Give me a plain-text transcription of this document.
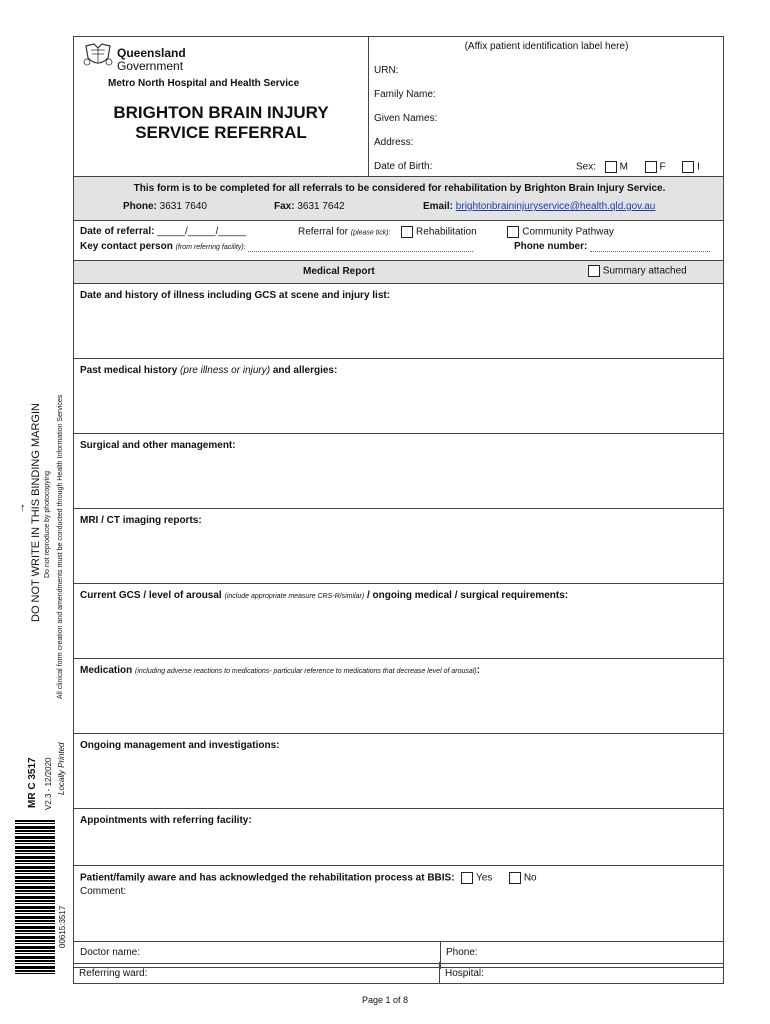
DO NOT WRITE IN THIS BINDING MARGIN
↑	Do not reproduce by photocopying All clinical form creation and amendments must be conducted through Health Information Services
MR C 3517 V2.3 - 12/2020 Locally Printed
00615:3517
Queensland
Government
Metro North Hospital and Health Service
BRIGHTON BRAIN INJURY
SERVICE REFERRAL
(Affix patient identification label here)
URN:
Family Name:
Given Names:
Address:
Date of Birth:	Sex: M	F	I
This form is to be completed for all referrals to be considered for rehabilitation by Brighton Brain Injury Service.
Phone: 3631 7640	Fax: 3631 7642	Email: brightonbraininjuryservice@health.qld.gov.au
Date of referral: _____/_____/_____	Referral for (please tick):	Rehabilitation	Community Pathway
Key contact person (from referring facility):	Phone number:
Medical Report	Summary attached
Date and history of illness including GCS at scene and injury list:
Past medical history (pre illness or injury) and allergies:
Surgical and other management:
MRI / CT imaging reports:
Current GCS / level of arousal (include appropriate measure CRS-R/similar) / ongoing medical / surgical requirements:
Medication (including adverse reactions to medications- particular reference to medications that decrease level of arousal):
Ongoing management and investigations:
Appointments with referring facility:
Patient/family aware and has acknowledged the rehabilitation process at BBIS: Yes	No
Comment:
Doctor name:	Phone:
Referring ward:	Hospital:
Page 1 of 8
